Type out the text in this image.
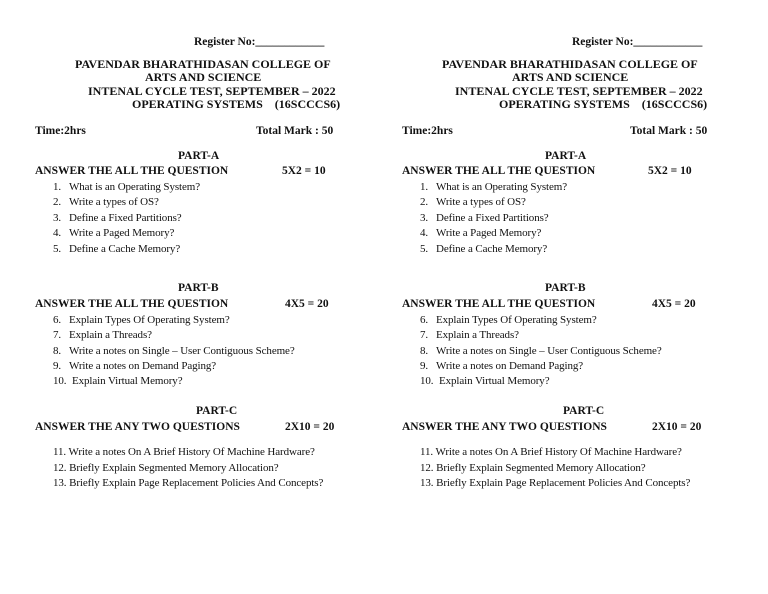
Register No:____________
PAVENDAR BHARATHIDASAN COLLEGE OF
ARTS AND SCIENCE
INTENAL CYCLE TEST, SEPTEMBER – 2022
OPERATING SYSTEMS    (16SCCCS6)
Time:2hrs	Total Mark : 50
PART-A
ANSWER THE ALL THE QUESTION	5X2 = 10
1. What is an Operating System?
2. Write a types of OS?
3. Define a Fixed Partitions?
4. Write a Paged Memory?
5. Define a Cache Memory?
PART-B
ANSWER THE ALL THE QUESTION	4X5 = 20
6. Explain Types Of Operating System?
7. Explain a Threads?
8. Write a notes on Single – User Contiguous Scheme?
9. Write a notes on Demand Paging?
10. Explain Virtual Memory?
PART-C
ANSWER THE ANY TWO QUESTIONS	2X10 = 20
11. Write a notes On A Brief History Of Machine Hardware?
12. Briefly Explain Segmented Memory Allocation?
13. Briefly Explain Page Replacement Policies And Concepts?
Register No:____________
PAVENDAR BHARATHIDASAN COLLEGE OF
ARTS AND SCIENCE
INTENAL CYCLE TEST, SEPTEMBER – 2022
OPERATING SYSTEMS    (16SCCCS6)
Time:2hrs	Total Mark : 50
PART-A
ANSWER THE ALL THE QUESTION	5X2 = 10
1. What is an Operating System?
2. Write a types of OS?
3. Define a Fixed Partitions?
4. Write a Paged Memory?
5. Define a Cache Memory?
PART-B
ANSWER THE ALL THE QUESTION	4X5 = 20
6. Explain Types Of Operating System?
7. Explain a Threads?
8. Write a notes on Single – User Contiguous Scheme?
9. Write a notes on Demand Paging?
10. Explain Virtual Memory?
PART-C
ANSWER THE ANY TWO QUESTIONS	2X10 = 20
11. Write a notes On A Brief History Of Machine Hardware?
12. Briefly Explain Segmented Memory Allocation?
13. Briefly Explain Page Replacement Policies And Concepts?
